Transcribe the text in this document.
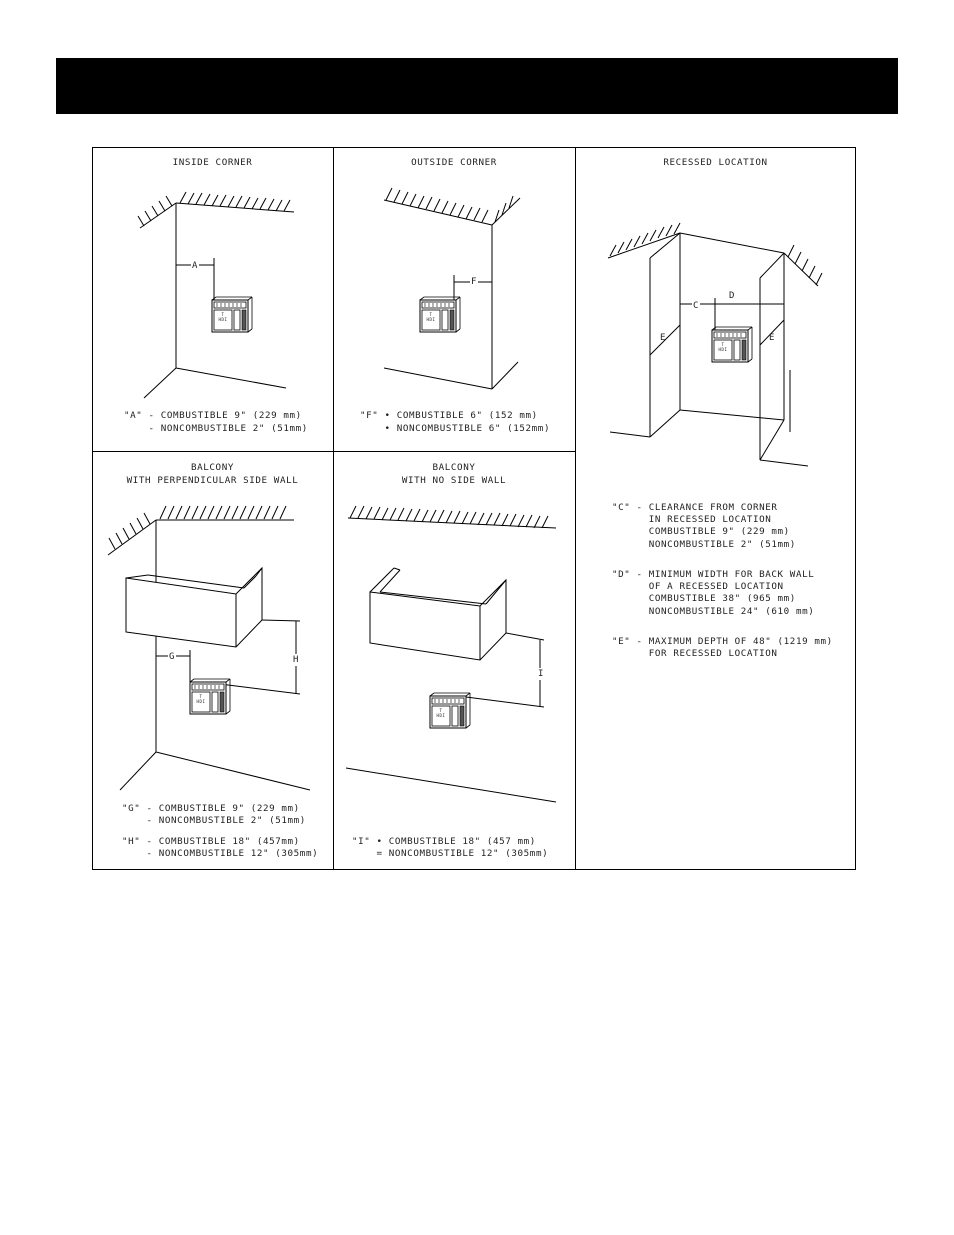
INSIDE CORNER	OUTSIDE CORNER	RECESSED LOCATION
BALCONY
WITH PERPENDICULAR SIDE WALL
BALCONY
WITH NO SIDE WALL
A
F
C
D
E	E
G	H
I
T
HDI
T
HDI
T
HDI
T
HDI
T
HDI
"A" - COMBUSTIBLE 9" (229 mm)
- NONCOMBUSTIBLE 2" (51mm)
"F" • COMBUSTIBLE 6" (152 mm)
• NONCOMBUSTIBLE 6" (152mm)
"C" - CLEARANCE FROM CORNER
IN RECESSED LOCATION
COMBUSTIBLE 9" (229 mm)
NONCOMBUSTIBLE 2" (51mm)
"D" - MINIMUM WIDTH FOR BACK WALL
OF A RECESSED LOCATION
COMBUSTIBLE 38" (965 mm)
NONCOMBUSTIBLE 24" (610 mm)
"E" - MAXIMUM DEPTH OF 48" (1219 mm)
FOR RECESSED LOCATION
"G" - COMBUSTIBLE 9" (229 mm)
- NONCOMBUSTIBLE 2" (51mm)
"H" - COMBUSTIBLE 18" (457mm)
- NONCOMBUSTIBLE 12" (305mm)
"I" • COMBUSTIBLE 18" (457 mm)
= NONCOMBUSTIBLE 12" (305mm)
